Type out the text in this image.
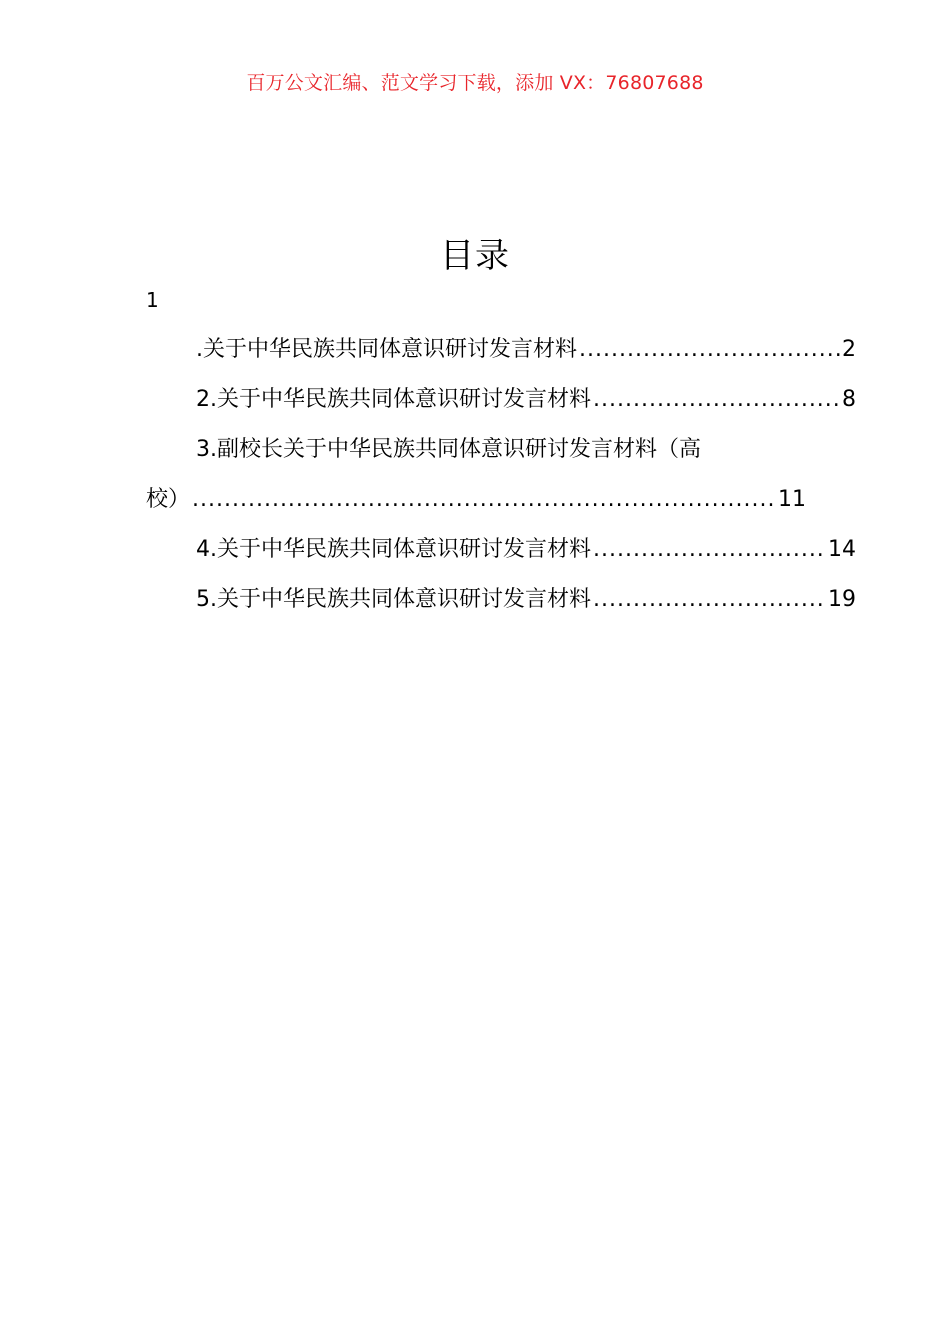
百万公文汇编、范文学习下载，添加 VX：76807688
目录
1
.关于中华民族共同体意识研讨发言材料 .....	2
2.关于中华民族共同体意识研讨发言材料 .....	8
3.副校长关于中华民族共同体意识研讨发言材料（高
校） .....	11
4.关于中华民族共同体意识研讨发言材料 .....	14
5.关于中华民族共同体意识研讨发言材料 .....	19
